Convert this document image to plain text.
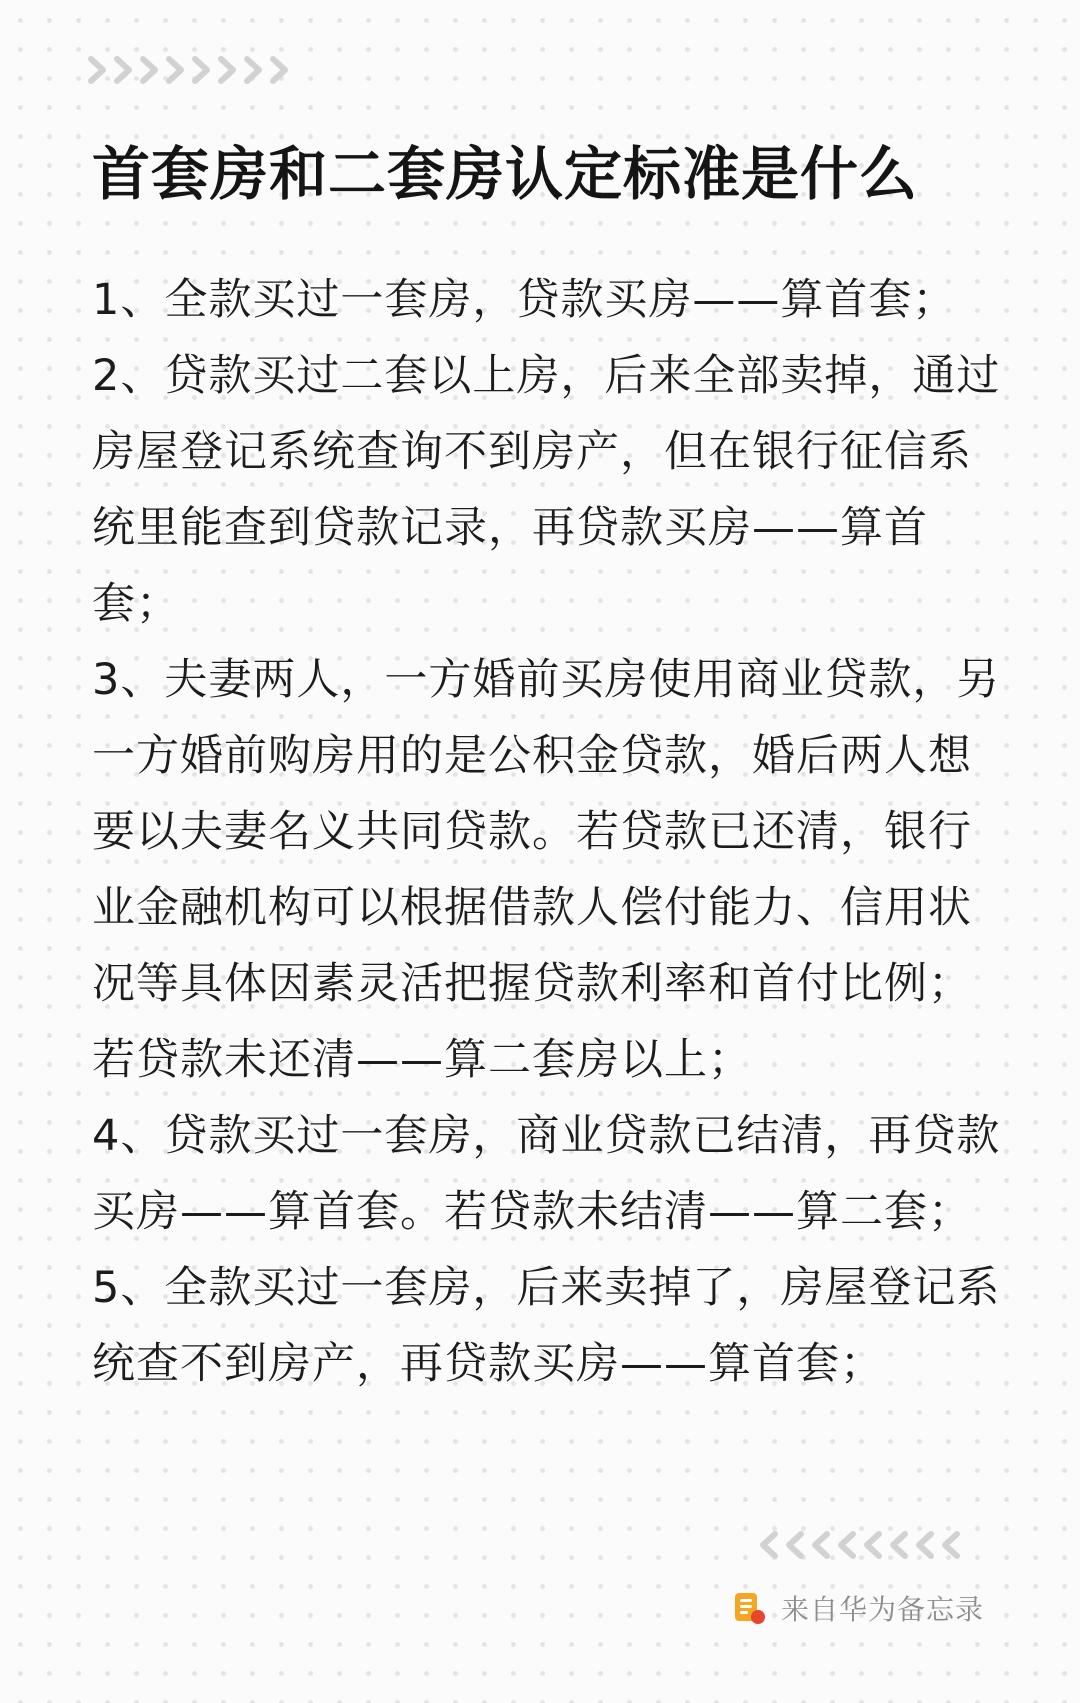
首套房和二套房认定标准是什么

1、全款买过一套房，贷款买房——算首套；

2、贷款买过二套以上房，后来全部卖掉，通过房屋登记系统查询不到房产，但在银行征信系统里能查到贷款记录，再贷款买房——算首套；

3、夫妻两人，一方婚前买房使用商业贷款，另一方婚前购房用的是公积金贷款，婚后两人想要以夫妻名义共同贷款。若贷款已还清，银行业金融机构可以根据借款人偿付能力、信用状况等具体因素灵活把握贷款利率和首付比例；若贷款未还清——算二套房以上；

4、贷款买过一套房，商业贷款已结清，再贷款买房——算首套。若贷款未结清——算二套；

5、全款买过一套房，后来卖掉了，房屋登记系统查不到房产，再贷款买房——算首套；

来自华为备忘录
